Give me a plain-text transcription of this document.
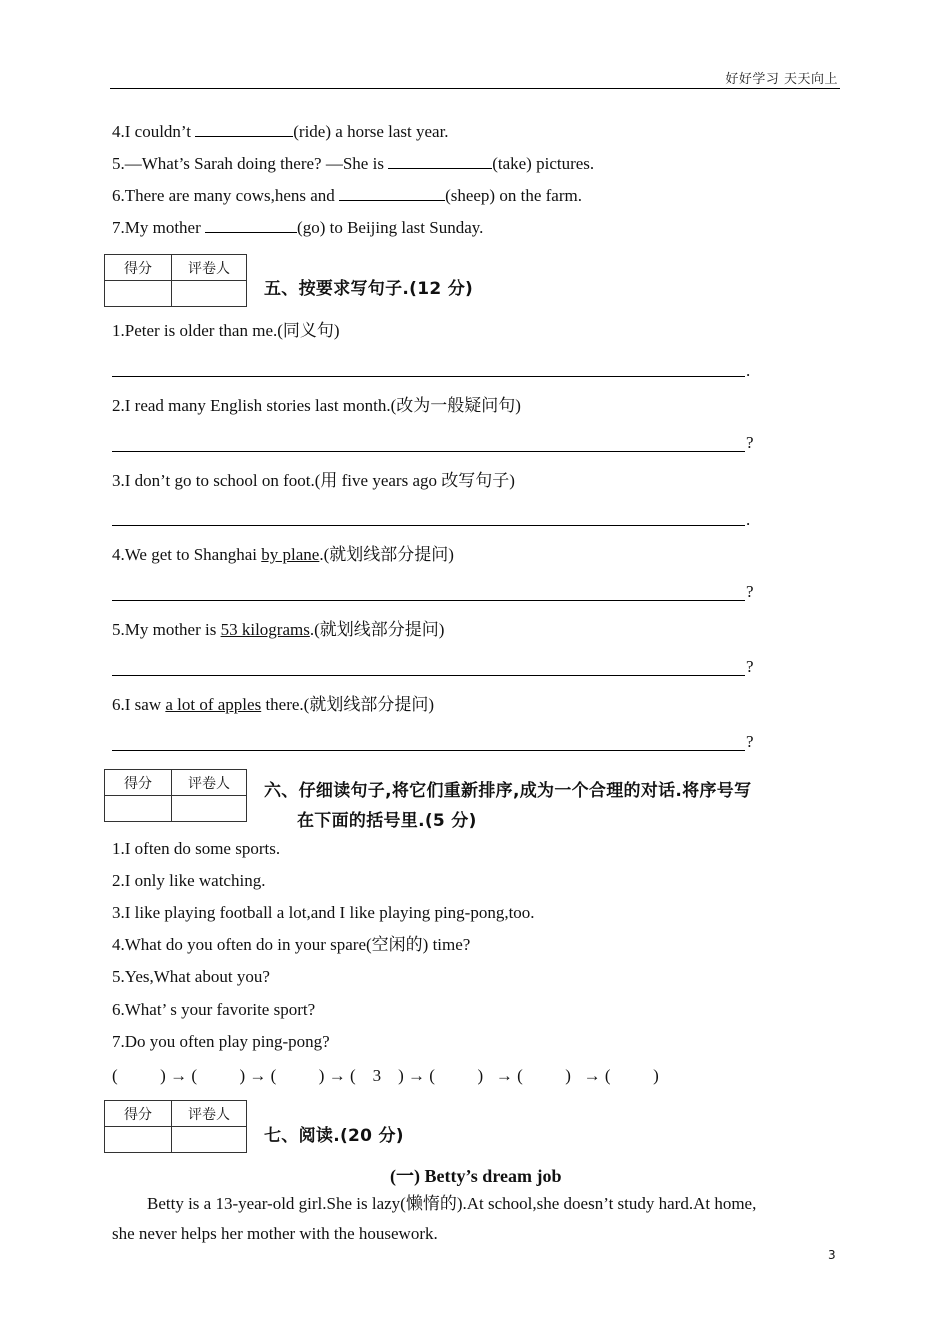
好好学习 天天向上
4.I couldn’t	(ride) a horse last year.
5.—What’s Sarah doing there? —She is	(take) pictures.
6.There are many cows,hens and	(sheep) on the farm.
7.My mother	(go) to Beijing last Sunday.
得分	评卷人

五、按要求写句子.(12 分)
1.Peter is older than me.(同义句)
.
2.I read many English stories last month.(改为一般疑问句)
?
3.I don’t go to school on foot.(用 five years ago 改写句子)
.
4.We get to Shanghai by plane.(就划线部分提问)
?
5.My mother is 53 kilograms.(就划线部分提问)
?
6.I saw a lot of apples there.(就划线部分提问)
?
得分	评卷人
	六、仔细读句子,将它们重新排序,成为一个合理的对话.将序号写
在下面的括号里.(5 分)
1.I often do some sports.
2.I only like watching.
3.I like playing football a lot,and I like playing ping-pong,too.
4.What do you often do in your spare(空闲的) time?
5.Yes,What about you?
6.What’ s your favorite sport?
7.Do you often play ping-pong?
(          ) → (          ) → (          ) → (    3    ) → (          )   → (          )   → (          )
得分	评卷人

七、阅读.(20 分)
(一) Betty’s dream job
Betty is a 13-year-old girl.She is lazy(懒惰的).At school,she doesn’t study hard.At home,
she never helps her mother with the housework.
3
